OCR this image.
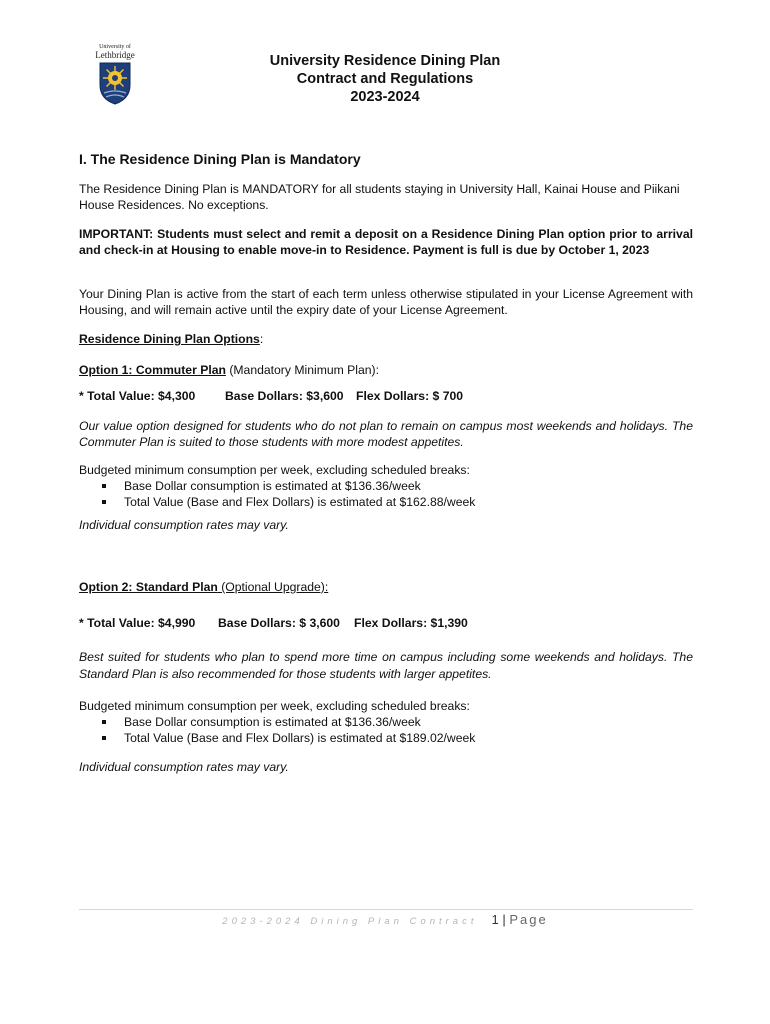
University of
Lethbridge	University Residence Dining Plan
Contract and Regulations
2023-2024
I. The Residence Dining Plan is Mandatory
The Residence Dining Plan is MANDATORY for all students staying in University Hall, Kainai House and Piikani House Residences. No exceptions.
IMPORTANT: Students must select and remit a deposit on a Residence Dining Plan option prior to arrival and check-in at Housing to enable move-in to Residence. Payment is full is due by October 1, 2023
Your Dining Plan is active from the start of each term unless otherwise stipulated in your License Agreement with Housing, and will remain active until the expiry date of your License Agreement.
Residence Dining Plan Options:
Option 1: Commuter Plan (Mandatory Minimum Plan):
* Total Value: $4,300 Base Dollars: $3,600 Flex Dollars: $ 700
Our value option designed for students who do not plan to remain on campus most weekends and holidays. The Commuter Plan is suited to those students with more modest appetites.
Budgeted minimum consumption per week, excluding scheduled breaks:
Base Dollar consumption is estimated at $136.36/week
Total Value (Base and Flex Dollars) is estimated at $162.88/week
Individual consumption rates may vary.
Option 2: Standard Plan (Optional Upgrade):
* Total Value: $4,990 Base Dollars: $ 3,600 Flex Dollars: $1,390
Best suited for students who plan to spend more time on campus including some weekends and holidays. The Standard Plan is also recommended for those students with larger appetites.
Budgeted minimum consumption per week, excluding scheduled breaks:
Base Dollar consumption is estimated at $136.36/week
Total Value (Base and Flex Dollars) is estimated at $189.02/week
Individual consumption rates may vary.
2023-2024 Dining Plan Contract 1 | Page
